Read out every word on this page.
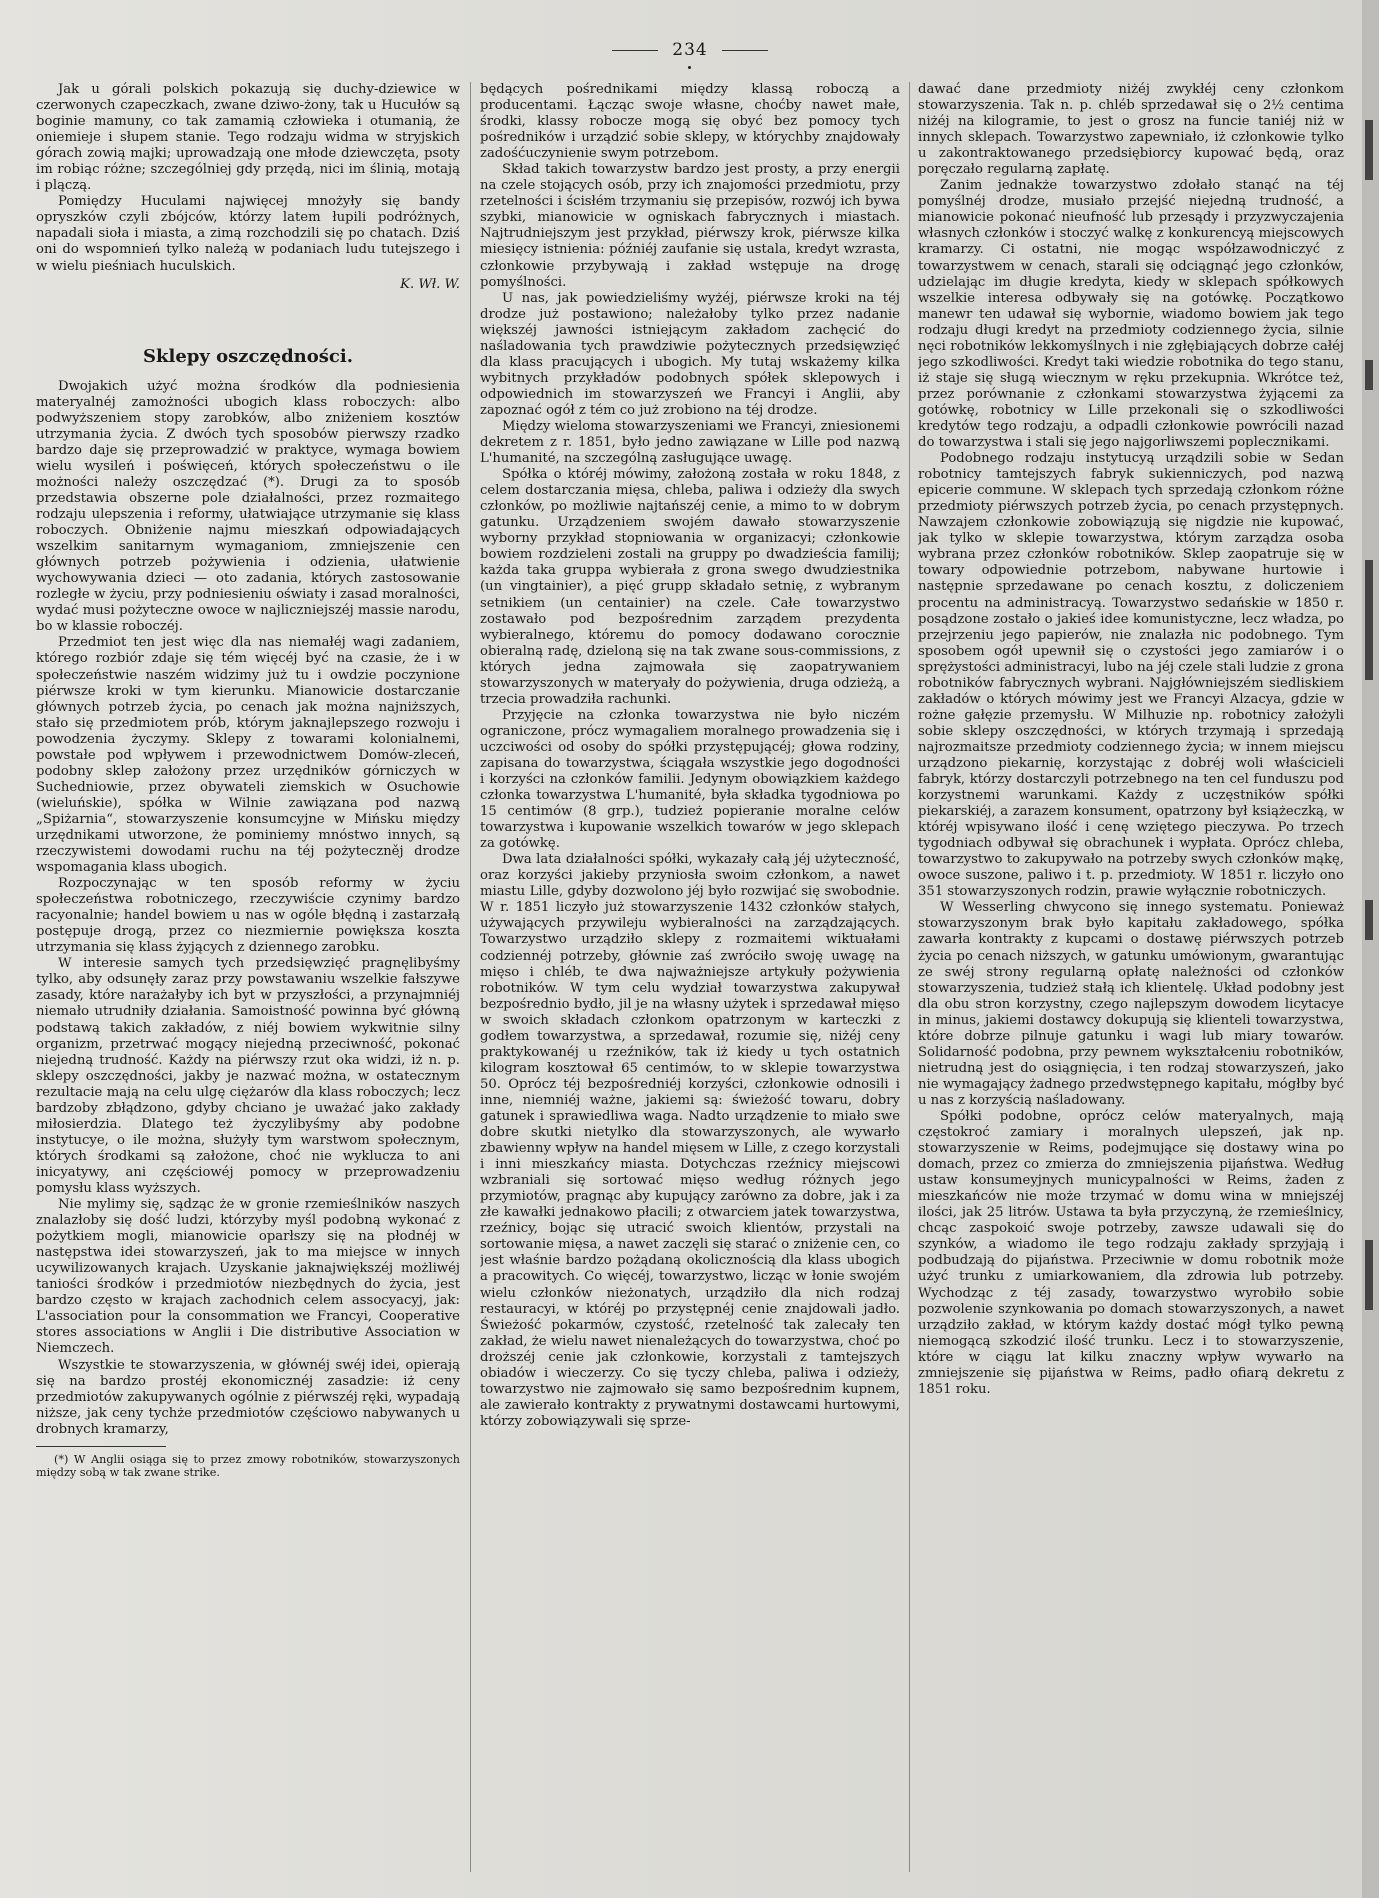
234

Jak u górali polskich pokazują się duchy-dziewice w czerwonych czapeczkach, zwane dziwo-żony, tak u Hucułów są boginie mamuny, co tak zamamią człowieka i otumanią, że oniemieje i słupem stanie. Tego rodzaju widma w stryjskich górach zowią majki; uprowadzają one młode dziewczęta, psoty im robiąc różne; szczególniej gdy przędą, nici im ślinią, motają i plączą.

Pomiędzy Huculami najwięcej mnożyły się bandy opryszków czyli zbójców, którzy latem łupili podróżnych, napadali sioła i miasta, a zimą rozchodzili się po chatach. Dziś oni do wspomnień tylko należą w podaniach ludu tutejszego i w wielu pieśniach huculskich.

K. Wł. W.
Sklepy oszczędności.

Dwojakich użyć można środków dla podniesienia materyalnéj zamożności ubogich klass roboczych: albo podwyższeniem stopy zarobków, albo zniżeniem kosztów utrzymania życia. Z dwóch tych sposobów pierwszy rzadko bardzo daje się przeprowadzić w praktyce, wymaga bowiem wielu wysileń i poświęceń, których społeczeństwu o ile możności należy oszczędzać (*). Drugi za to sposób przedstawia obszerne pole działalności, przez rozmaitego rodzaju ulepszenia i reformy, ułatwiające utrzymanie się klass roboczych. Obniżenie najmu mieszkań odpowiadających wszelkim sanitarnym wymaganiom, zmniejszenie cen głównych potrzeb pożywienia i odzienia, ułatwienie wychowywania dzieci — oto zadania, których zastosowanie rozległe w życiu, przy podniesieniu oświaty i zasad moralności, wydać musi pożyteczne owoce w najliczniejszéj massie narodu, bo w klassie roboczéj.

Przedmiot ten jest więc dla nas niemałéj wagi zadaniem, którego rozbiór zdaje się tém więcéj być na czasie, że i w społeczeństwie naszém widzimy już tu i owdzie poczynione piérwsze kroki w tym kierunku. Mianowicie dostarczanie głównych potrzeb życia, po cenach jak można najniższych, stało się przedmiotem prób, którym jaknajlepszego rozwoju i powodzenia życzymy. Sklepy z towarami kolonialnemi, powstałe pod wpływem i przewodnictwem Domów-zleceń, podobny sklep założony przez urzędników górniczych w Suchedniowie, przez obywateli ziemskich w Osuchowie (wieluńskie), spółka w Wilnie zawiązana pod nazwą „Spiżarnia“, stowarzyszenie konsumcyjne w Mińsku między urzędnikami utworzone, że pominiemy mnóstwo innych, są rzeczywistemi dowodami ruchu na téj pożyteczněj drodze wspomagania klass ubogich.

Rozpoczynając w ten sposób reformy w życiu społeczeństwa robotniczego, rzeczywiście czynimy bardzo racyonalnie; handel bowiem u nas w ogóle błędną i zastarzałą postępuje drogą, przez co niezmiernie powiększa koszta utrzymania się klass żyjących z dziennego zarobku.

W interesie samych tych przedsięwzięć pragnęlibyśmy tylko, aby odsunęły zaraz przy powstawaniu wszelkie fałszywe zasady, które narażałyby ich byt w przyszłości, a przynajmniéj niemało utrudniły działania. Samoistność powinna być główną podstawą takich zakładów, z niéj bowiem wykwitnie silny organizm, przetrwać mogący niejedną przeciwność, pokonać niejedną trudność. Każdy na piérwszy rzut oka widzi, iż n. p. sklepy oszczędności, jakby je nazwać można, w ostatecznym rezultacie mają na celu ulgę ciężarów dla klass roboczych; lecz bardzoby zbłądzono, gdyby chciano je uważać jako zakłady miłosierdzia. Dlatego też życzylibyśmy aby podobne instytucye, o ile można, służyły tym warstwom społecznym, których środkami są założone, choć nie wyklucza to ani inicyatywy, ani częściowéj pomocy w przeprowadzeniu pomysłu klass wyższych.

Nie mylimy się, sądząc że w gronie rzemieślników naszych znalazłoby się dość ludzi, którzyby myśl podobną wykonać z pożytkiem mogli, mianowicie oparłszy się na płodnéj w następstwa idei stowarzyszeń, jak to ma miejsce w innych ucywilizowanych krajach. Uzyskanie jaknajwiększéj możliwéj taniości środków i przedmiotów niezbędnych do życia, jest bardzo często w krajach zachodnich celem assocyacyj, jak: L'association pour la consommation we Francyi, Cooperative stores associations w Anglii i Die distributive Association w Niemczech.

Wszystkie te stowarzyszenia, w głównéj swéj idei, opierają się na bardzo prostéj ekonomicznéj zasadzie: iż ceny przedmiotów zakupywanych ogólnie z piérwszéj ręki, wypadają niższe, jak ceny tychże przedmiotów częściowo nabywanych u drobnych kramarzy,

(*) W Anglii osiąga się to przez zmowy robotników, stowarzyszonych między sobą w tak zwane strike.

będących pośrednikami między klassą roboczą a producentami. Łącząc swoje własne, choćby nawet małe, środki, klassy robocze mogą się obyć bez pomocy tych pośredników i urządzić sobie sklepy, w którychby znajdowały zadośćuczynienie swym potrzebom.

Skład takich towarzystw bardzo jest prosty, a przy energii na czele stojących osób, przy ich znajomości przedmiotu, przy rzetelności i ścisłém trzymaniu się przepisów, rozwój ich bywa szybki, mianowicie w ogniskach fabrycznych i miastach. Najtrudniejszym jest przykład, piérwszy krok, piérwsze kilka miesięcy istnienia: późniéj zaufanie się ustala, kredyt wzrasta, członkowie przybywają i zakład wstępuje na drogę pomyślności.

U nas, jak powiedzieliśmy wyżéj, piérwsze kroki na téj drodze już postawiono; należałoby tylko przez nadanie większéj jawności istniejącym zakładom zachęcić do naśladowania tych prawdziwie pożytecznych przedsięwzięć dla klass pracujących i ubogich. My tutaj wskażemy kilka wybitnych przykładów podobnych spółek sklepowych i odpowiednich im stowarzyszeń we Francyi i Anglii, aby zapoznać ogół z tém co już zrobiono na téj drodze.

Między wieloma stowarzyszeniami we Francyi, zniesionemi dekretem z r. 1851, było jedno zawiązane w Lille pod nazwą L'humanité, na szczególną zasługujące uwagę.

Spółka o któréj mówimy, założoną została w roku 1848, z celem dostarczania mięsa, chleba, paliwa i odzieży dla swych członków, po możliwie najtańszéj cenie, a mimo to w dobrym gatunku. Urządzeniem swojém dawało stowarzyszenie wyborny przykład stopniowania w organizacyi; członkowie bowiem rozdzieleni zostali na gruppy po dwadzieścia familij; każda taka gruppa wybierała z grona swego dwudziestnika (un vingtainier), a pięć grupp składało setnię, z wybranym setnikiem (un centainier) na czele. Całe towarzystwo zostawało pod bezpośrednim zarządem prezydenta wybieralnego, któremu do pomocy dodawano corocznie obieralną radę, dzieloną się na tak zwane sous-commissions, z których jedna zajmowała się zaopatrywaniem stowarzyszonych w materyały do pożywienia, druga odzieżą, a trzecia prowadziła rachunki.

Przyjęcie na członka towarzystwa nie było niczém ograniczone, prócz wymagaliem moralnego prowadzenia się i uczciwości od osoby do spółki przystępującéj; głowa rodziny, zapisana do towarzystwa, ściągała wszystkie jego dogodności i korzyści na członków familii. Jedynym obowiązkiem każdego członka towarzystwa L'humanité, była składka tygodniowa po 15 centimów (8 grp.), tudzież popieranie moralne celów towarzystwa i kupowanie wszelkich towarów w jego sklepach za gotówkę.

Dwa lata działalności spółki, wykazały całą jéj użyteczność, oraz korzyści jakieby przyniosła swoim członkom, a nawet miastu Lille, gdyby dozwolono jéj było rozwijać się swobodnie. W r. 1851 liczyło już stowarzyszenie 1432 członków stałych, używających przywileju wybieralności na zarządzających. Towarzystwo urządziło sklepy z rozmaitemi wiktuałami codziennéj potrzeby, głównie zaś zwróciło swoję uwagę na mięso i chléb, te dwa najważniejsze artykuły pożywienia robotników. W tym celu wydział towarzystwa zakupywał bezpośrednio bydło, jil je na własny użytek i sprzedawał mięso w swoich składach członkom opatrzonym w karteczki z godłem towarzystwa, a sprzedawał, rozumie się, niżéj ceny praktykowanéj u rzeźników, tak iż kiedy u tych ostatnich kilogram kosztował 65 centimów, to w sklepie towarzystwa 50. Oprócz téj bezpośredniéj korzyści, członkowie odnosili i inne, niemniéj ważne, jakiemi są: świeżość towaru, dobry gatunek i sprawiedliwa waga. Nadto urządzenie to miało swe dobre skutki nietylko dla stowarzyszonych, ale wywarło zbawienny wpływ na handel mięsem w Lille, z czego korzystali i inni mieszkańcy miasta. Dotychczas rzeźnicy miejscowi wzbraniali się sortować mięso według różnych jego przymiotów, pragnąc aby kupujący zarówno za dobre, jak i za złe kawałki jednakowo płacili; z otwarciem jatek towarzystwa, rzeźnicy, bojąc się utracić swoich klientów, przystali na sortowanie mięsa, a nawet zaczęli się starać o zniżenie cen, co jest właśnie bardzo pożądaną okolicznością dla klass ubogich a pracowitych. Co więcéj, towarzystwo, licząc w łonie swojém wielu członków nieżonatych, urządziło dla nich rodzaj restauracyi, w któréj po przystępnéj cenie znajdowali jadło. Świeżość pokarmów, czystość, rzetelność tak zalecały ten zakład, że wielu nawet nienależących do towarzystwa, choć po droższéj cenie jak członkowie, korzystali z tamtejszych obiadów i wieczerzy. Co się tyczy chleba, paliwa i odzieży, towarzystwo nie zajmowało się samo bezpośrednim kupnem, ale zawierało kontrakty z prywatnymi dostawcami hurtowymi, którzy zobowiązywali się sprze-

dawać dane przedmioty niżéj zwykłéj ceny członkom stowarzyszenia. Tak n. p. chléb sprzedawał się o 2½ centima niżéj na kilogramie, to jest o grosz na funcie taniéj niż w innych sklepach. Towarzystwo zapewniało, iż członkowie tylko u zakontraktowanego przedsiębiorcy kupować będą, oraz poręczało regularną zapłatę.

Zanim jednakże towarzystwo zdołało stanąć na téj pomyślnéj drodze, musiało przejść niejedną trudność, a mianowicie pokonać nieufność lub przesądy i przyzwyczajenia własnych członków i stoczyć walkę z konkurencyą miejscowych kramarzy. Ci ostatni, nie mogąc współzawodniczyć z towarzystwem w cenach, starali się odciągnąć jego członków, udzielając im długie kredyta, kiedy w sklepach spółkowych wszelkie interesa odbywały się na gotówkę. Początkowo manewr ten udawał się wybornie, wiadomo bowiem jak tego rodzaju długi kredyt na przedmioty codziennego życia, silnie nęci robotników lekkomyślnych i nie zgłębiających dobrze całéj jego szkodliwości. Kredyt taki wiedzie robotnika do tego stanu, iż staje się sługą wiecznym w ręku przekupnia. Wkrótce też, przez porównanie z członkami stowarzystwa żyjącemi za gotówkę, robotnicy w Lille przekonali się o szkodliwości kredytów tego rodzaju, a odpadli członkowie powrócili nazad do towarzystwa i stali się jego najgorliwszemi poplecznikami.

Podobnego rodzaju instytucyą urządzili sobie w Sedan robotnicy tamtejszych fabryk sukienniczych, pod nazwą epicerie commune. W sklepach tych sprzedają członkom różne przedmioty piérwszych potrzeb życia, po cenach przystępnych. Nawzajem członkowie zobowiązują się nigdzie nie kupować, jak tylko w sklepie towarzystwa, którym zarządza osoba wybrana przez członków robotników. Sklep zaopatruje się w towary odpowiednie potrzebom, nabywane hurtowie i następnie sprzedawane po cenach kosztu, z doliczeniem procentu na administracyą. Towarzystwo sedańskie w 1850 r. posądzone zostało o jakieś idee komunistyczne, lecz władza, po przejrzeniu jego papierów, nie znalazła nic podobnego. Tym sposobem ogół upewnił się o czystości jego zamiarów i o sprężystości administracyi, lubo na jéj czele stali ludzie z grona robotników fabrycznych wybrani. Najgłówniejszém siedliskiem zakładów o których mówimy jest we Francyi Alzacya, gdzie w rożne gałęzie przemysłu. W Milhuzie np. robotnicy założyli sobie sklepy oszczędności, w których trzymają i sprzedają najrozmaitsze przedmioty codziennego życia; w innem miejscu urządzono piekarnię, korzystając z dobréj woli właścicieli fabryk, którzy dostarczyli potrzebnego na ten cel funduszu pod korzystnemi warunkami. Każdy z uczęstników spółki piekarskiéj, a zarazem konsument, opatrzony był książeczką, w któréj wpisywano ilość i cenę wziętego pieczywa. Po trzech tygodniach odbywał się obrachunek i wypłata. Oprócz chleba, towarzystwo to zakupywało na potrzeby swych członków mąkę, owoce suszone, paliwo i t. p. przedmioty. W 1851 r. liczyło ono 351 stowarzyszonych rodzin, prawie wyłącznie robotniczych.

W Wesserling chwycono się innego systematu. Ponieważ stowarzyszonym brak było kapitału zakładowego, spółka zawarła kontrakty z kupcami o dostawę piérwszych potrzeb życia po cenach niższych, w gatunku umówionym, gwarantując ze swéj strony regularną opłatę należności od członków stowarzyszenia, tudzież stałą ich klientelę. Układ podobny jest dla obu stron korzystny, czego najlepszym dowodem licytacye in minus, jakiemi dostawcy dokupują się klienteli towarzystwa, które dobrze pilnuje gatunku i wagi lub miary towarów. Solidarność podobna, przy pewnem wykształceniu robotników, nietrudną jest do osiągnięcia, i ten rodzaj stowarzyszeń, jako nie wymagający żadnego przedwstępnego kapitału, mógłby być u nas z korzyścią naśladowany.

Spółki podobne, oprócz celów materyalnych, mają częstokroć zamiary i moralnych ulepszeń, jak np. stowarzyszenie w Reims, podejmujące się dostawy wina po domach, przez co zmierza do zmniejszenia pijaństwa. Według ustaw konsumeyjnych municypalności w Reims, żaden z mieszkańców nie może trzymać w domu wina w mniejszéj ilości, jak 25 litrów. Ustawa ta była przyczyną, że rzemieślnicy, chcąc zaspokoić swoje potrzeby, zawsze udawali się do szynków, a wiadomo ile tego rodzaju zakłady sprzyjają i podbudzają do pijaństwa. Przeciwnie w domu robotnik może użyć trunku z umiarkowaniem, dla zdrowia lub potrzeby. Wychodząc z téj zasady, towarzystwo wyrobiło sobie pozwolenie szynkowania po domach stowarzyszonych, a nawet urządziło zakład, w którym każdy dostać mógł tylko pewną niemogącą szkodzić ilość trunku. Lecz i to stowarzyszenie, które w ciągu lat kilku znaczny wpływ wywarło na zmniejszenie się pijaństwa w Reims, padło ofiarą dekretu z 1851 roku.
